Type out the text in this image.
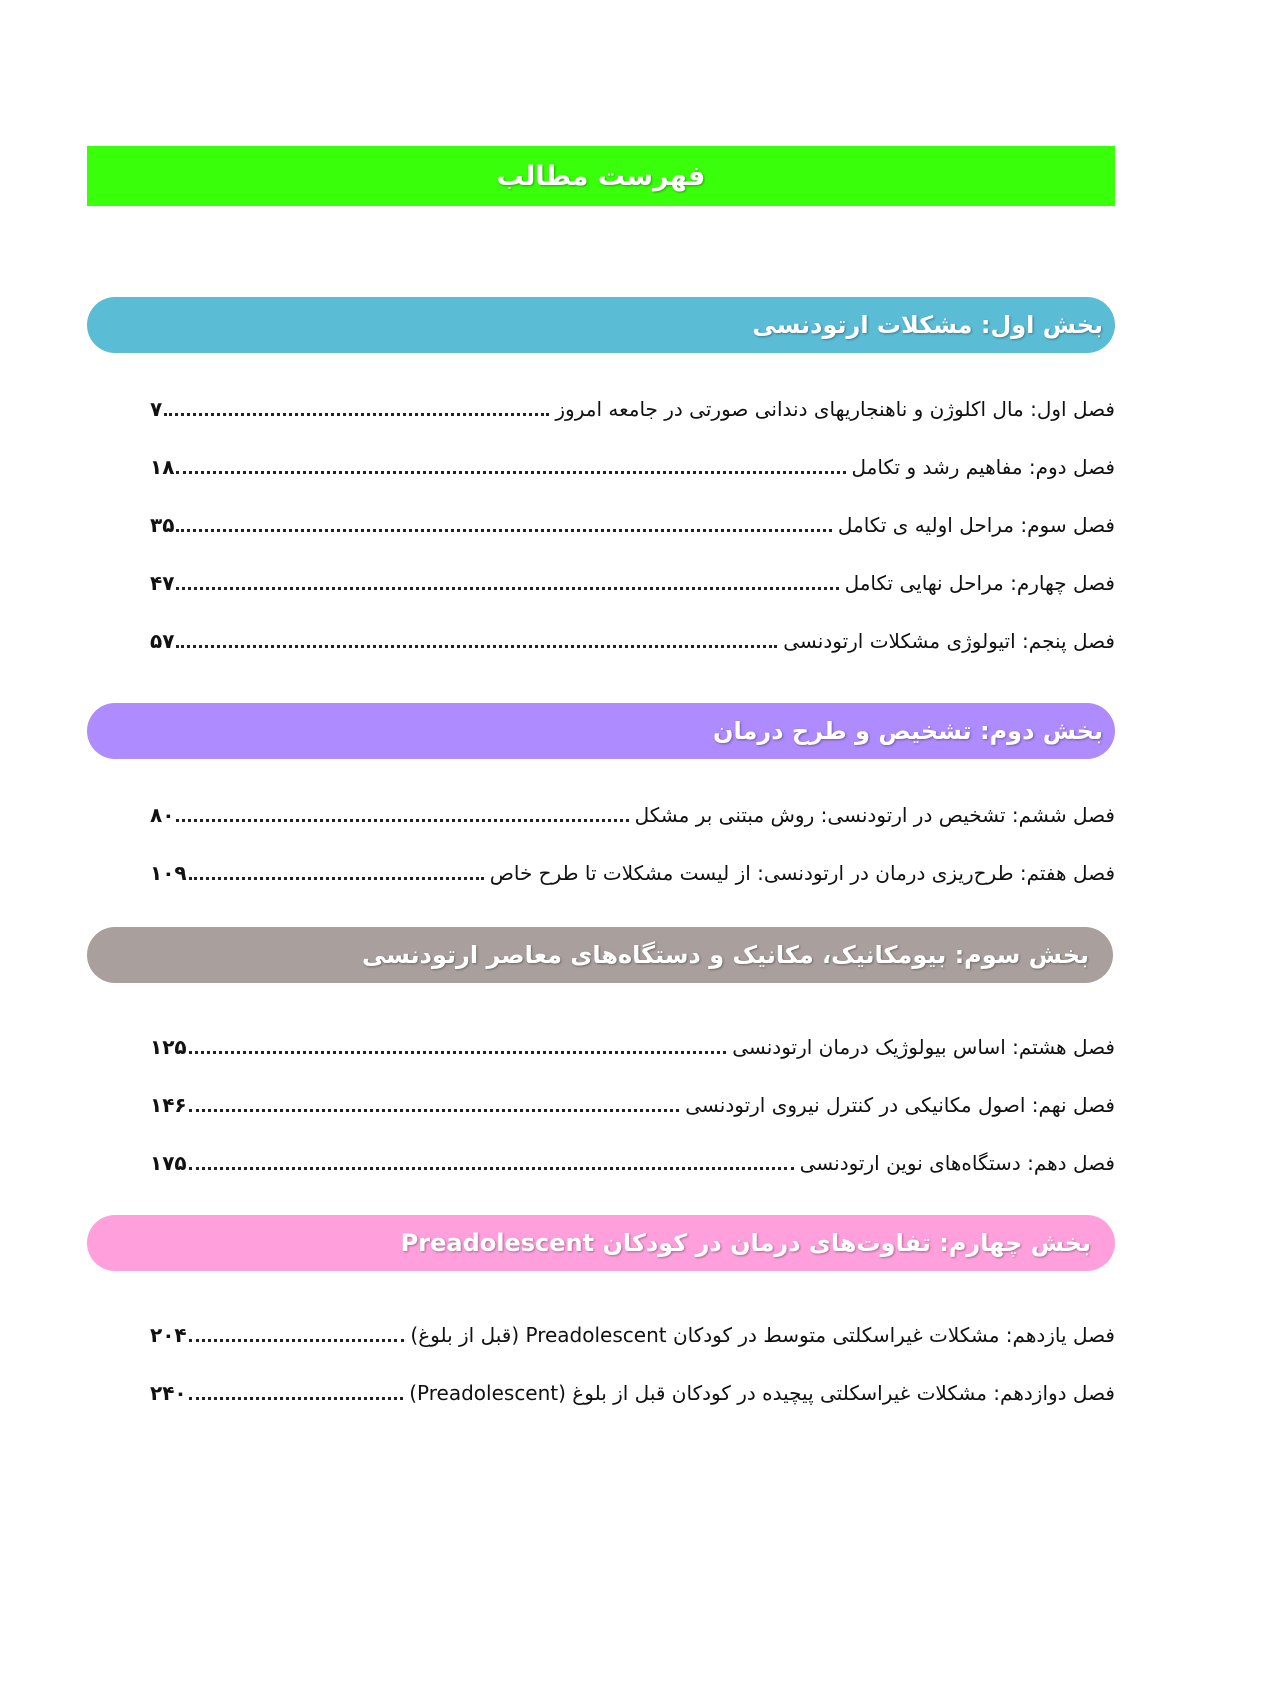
فهرست مطالب
بخش اول: مشکلات ارتودنسی
۷	فصل اول: مال اکلوژن و ناهنجاریهای دندانی صورتی در جامعه امروز
۱۸	فصل دوم: مفاهیم رشد و تکامل
۳۵	فصل سوم: مراحل اولیه ی تکامل
۴۷	فصل چهارم: مراحل نهایی تکامل
۵۷	فصل پنجم: اتیولوژی مشکلات ارتودنسی
بخش دوم: تشخیص و طرح درمان
۸۰	فصل ششم: تشخیص در ارتودنسی: روش مبتنی بر مشکل
۱۰۹	فصل هفتم: طرح‌ریزی درمان در ارتودنسی: از لیست مشکلات تا طرح خاص
بخش سوم: بیومکانیک، مکانیک و دستگاه‌های معاصر ارتودنسی
۱۲۵	فصل هشتم: اساس بیولوژیک درمان ارتودنسی
۱۴۶	فصل نهم: اصول مکانیکی در کنترل نیروی ارتودنسی
۱۷۵	فصل دهم: دستگاه‌های نوین ارتودنسی
بخش چهارم: تفاوت‌های درمان در کودکان Preadolescent
۲۰۴	فصل یازدهم: مشکلات غیراسکلتی متوسط در کودکان Preadolescent (قبل از بلوغ)
۲۴۰	فصل دوازدهم: مشکلات غیراسکلتی پیچیده در کودکان قبل از بلوغ (Preadolescent)
